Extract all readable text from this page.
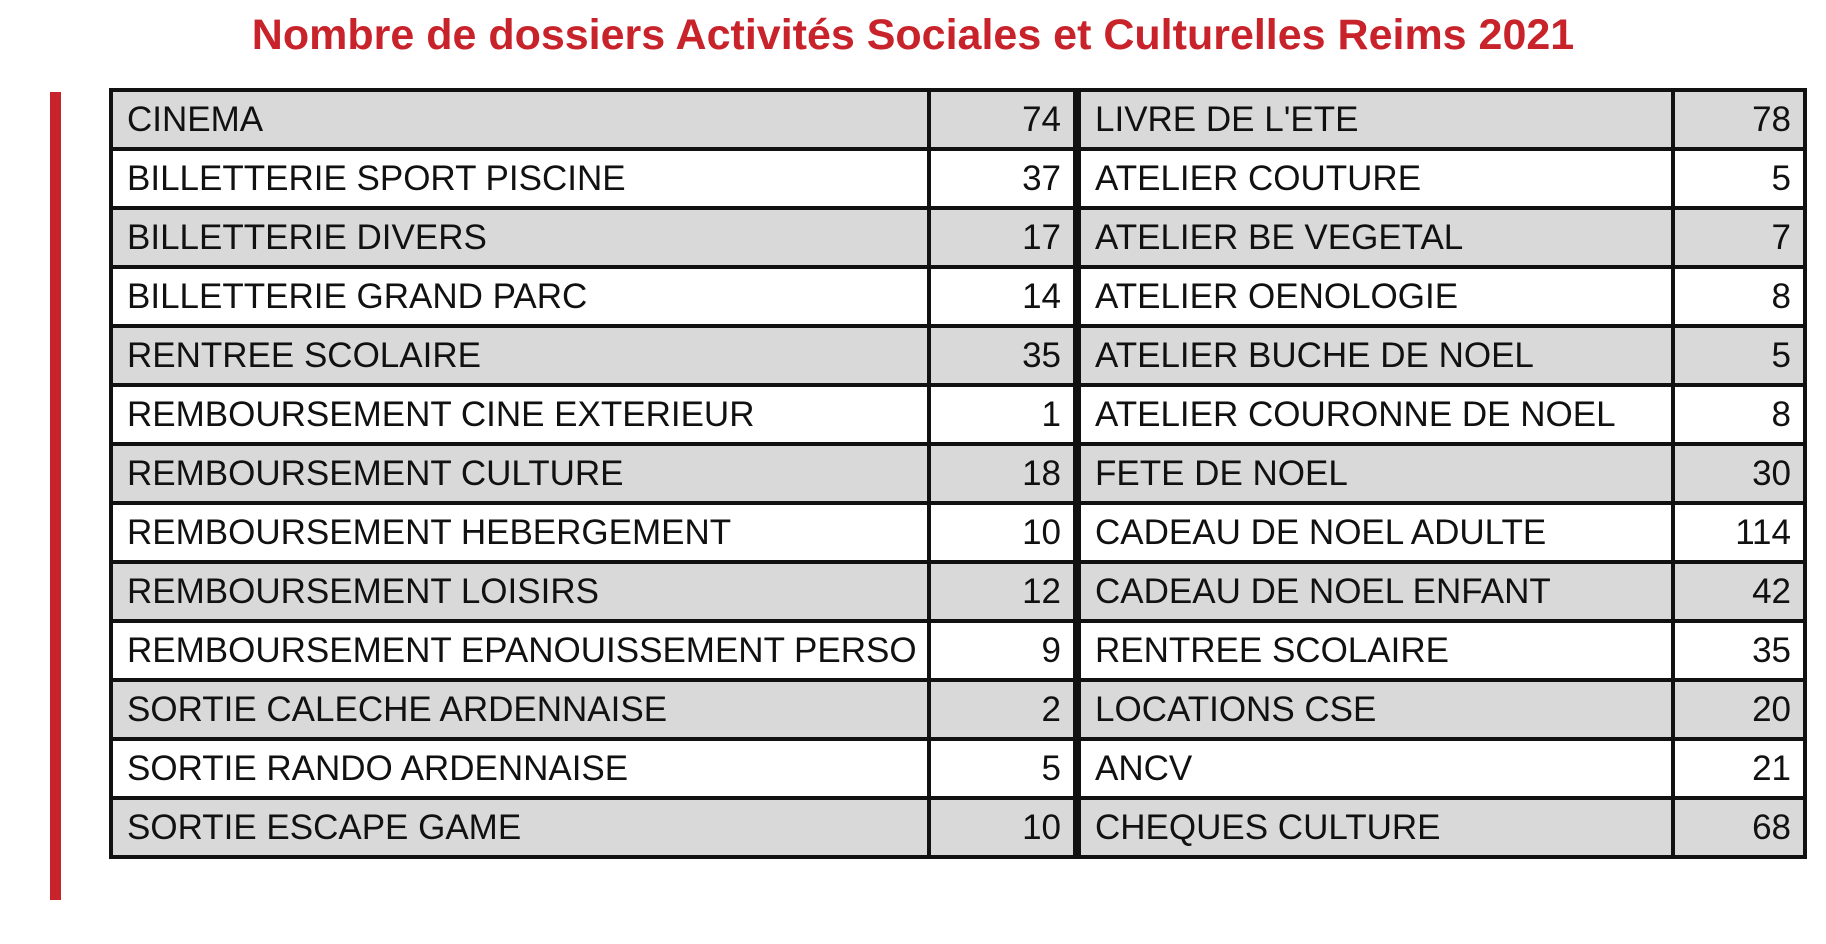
Nombre de dossiers Activités Sociales et Culturelles Reims 2021
CINEMA	74	LIVRE DE L'ETE	78
BILLETTERIE SPORT PISCINE	37	ATELIER COUTURE	5
BILLETTERIE DIVERS	17	ATELIER BE VEGETAL	7
BILLETTERIE GRAND PARC	14	ATELIER OENOLOGIE	8
RENTREE SCOLAIRE	35	ATELIER BUCHE DE NOEL	5
REMBOURSEMENT CINE EXTERIEUR	1	ATELIER COURONNE DE NOEL	8
REMBOURSEMENT CULTURE	18	FETE DE NOEL	30
REMBOURSEMENT HEBERGEMENT	10	CADEAU DE NOEL ADULTE	114
REMBOURSEMENT LOISIRS	12	CADEAU DE NOEL ENFANT	42
REMBOURSEMENT EPANOUISSEMENT PERSO	9	RENTREE SCOLAIRE	35
SORTIE CALECHE ARDENNAISE	2	LOCATIONS CSE	20
SORTIE RANDO ARDENNAISE	5	ANCV	21
SORTIE ESCAPE GAME	10	CHEQUES CULTURE	68
